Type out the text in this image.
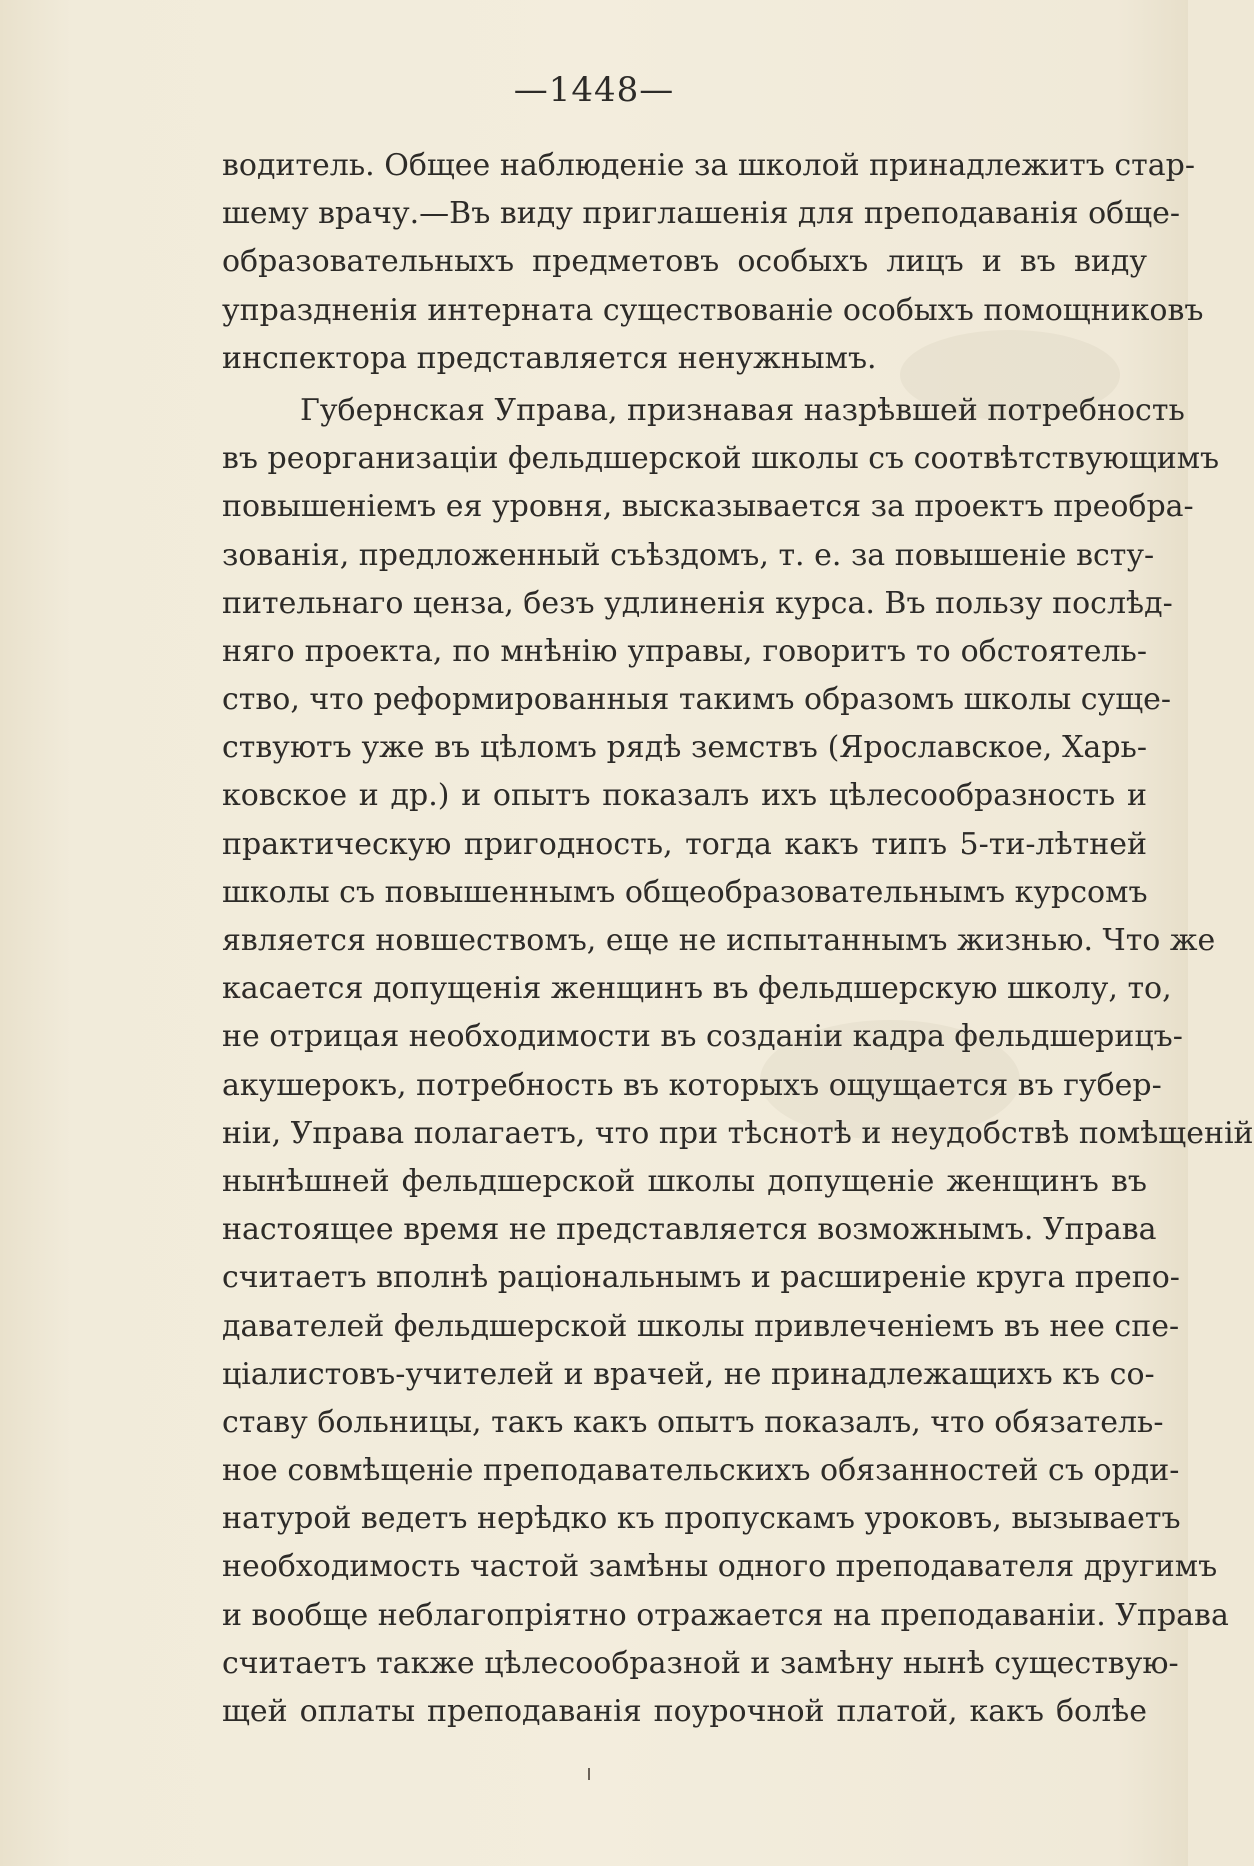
—1448—
водитель. Общее наблюденіе за школой принадлежитъ стар-
шему врачу.—Въ виду приглашенія для преподаванія обще-
образовательныхъ предметовъ особыхъ лицъ и въ виду
упраздненія интерната существованіе особыхъ помощниковъ
инспектора представляется ненужнымъ.
Губернская Управа, признавая назрѣвшей потребность
въ реорганизаціи фельдшерской школы съ соотвѣтствующимъ
повышеніемъ ея уровня, высказывается за проектъ преобра-
зованія, предложенный съѣздомъ, т. е. за повышеніе всту-
пительнаго ценза, безъ удлиненія курса. Въ пользу послѣд-
няго проекта, по мнѣнію управы, говоритъ то обстоятель-
ство, что реформированныя такимъ образомъ школы суще-
ствуютъ уже въ цѣломъ рядѣ земствъ (Ярославское, Харь-
ковское и др.) и опытъ показалъ ихъ цѣлесообразность и
практическую пригодность, тогда какъ типъ 5-ти-лѣтней
школы съ повышеннымъ общеобразовательнымъ курсомъ
является новшествомъ, еще не испытаннымъ жизнью. Что же
касается допущенія женщинъ въ фельдшерскую школу, то,
не отрицая необходимости въ созданіи кадра фельдшерицъ-
акушерокъ, потребность въ которыхъ ощущается въ губер-
ніи, Управа полагаетъ, что при тѣснотѣ и неудобствѣ помѣщеній
нынѣшней фельдшерской школы допущеніе женщинъ въ
настоящее время не представляется возможнымъ. Управа
считаетъ вполнѣ раціональнымъ и расширеніе круга препо-
давателей фельдшерской школы привлеченіемъ въ нее спе-
ціалистовъ-учителей и врачей, не принадлежащихъ къ со-
ставу больницы, такъ какъ опытъ показалъ, что обязатель-
ное совмѣщеніе преподавательскихъ обязанностей съ орди-
натурой ведетъ нерѣдко къ пропускамъ уроковъ, вызываетъ
необходимость частой замѣны одного преподавателя другимъ
и вообще неблагопріятно отражается на преподаваніи. Управа
считаетъ также цѣлесообразной и замѣну нынѣ существую-
щей оплаты преподаванія поурочной платой, какъ болѣе
